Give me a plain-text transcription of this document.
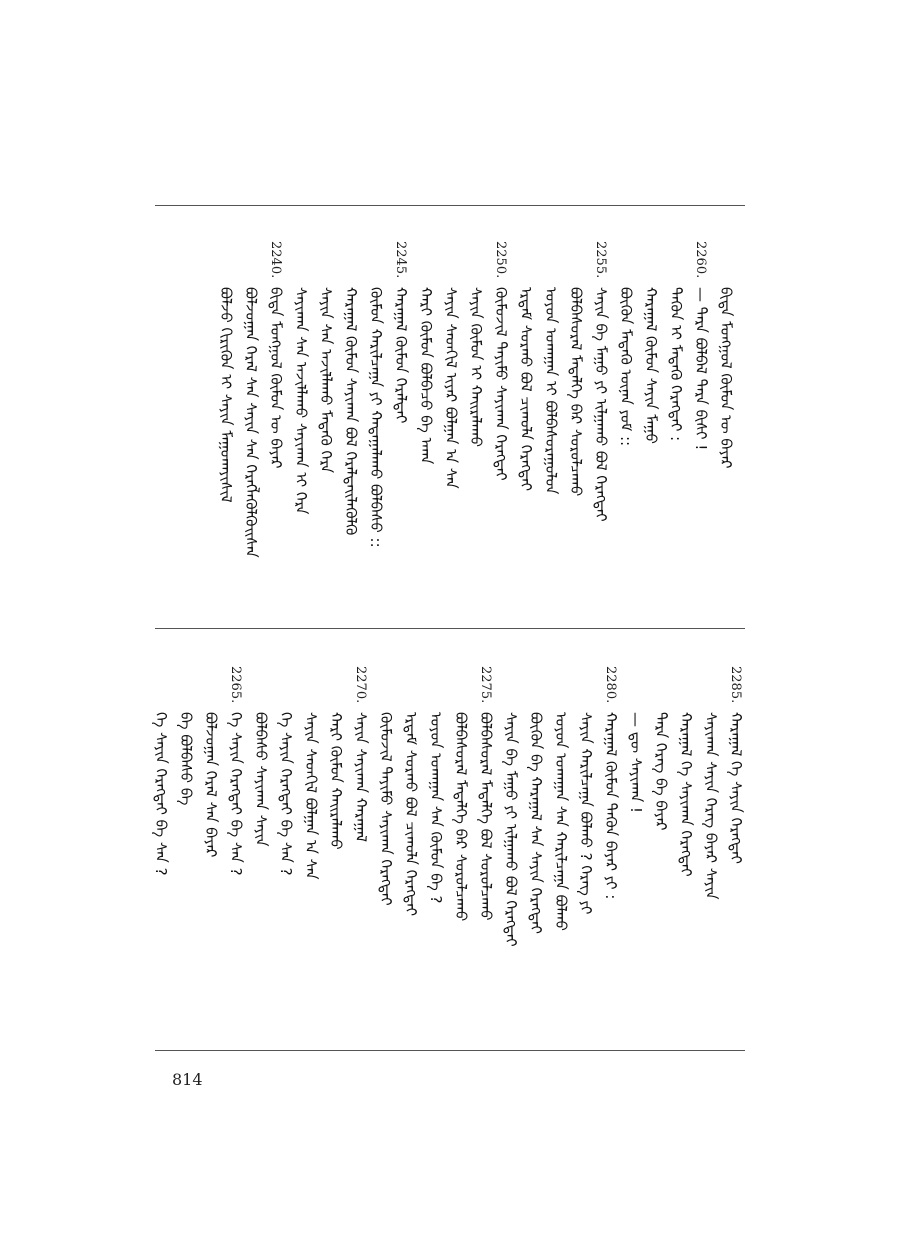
ᠪᠢᠳᠡ ᠮᠣᠩᠭᠣᠯ ᠬᠥᠮᠦᠨ ᠦ ᠪᠠᠶᠠᠷ
2260.
— ᠲᠡᠷᠡ ᠪᠣᠯᠪᠠᠯ ᠲᠡᠷᠡ ᠪᠢᠰᠢ !
ᠲᠡᠭᠦᠨ ᠢ ᠮᠡᠳᠡᠬᠦ ᠬᠡᠷᠡᠭᠲᠡᠢ :
ᠬᠠᠷᠠᠭᠠᠯ ᠬᠦᠮᠦᠨ ᠰᠠᠶᠢᠨ ᠮᠠᠭᠤ
ᠪᠦᠬᠦᠨ ᠮᠡᠳᠡᠬᠦ ᠦᠨᠡᠨ ᠶᠤᠮ ::
2255.
ᠰᠠᠶᠢᠨ ᠪᠡ ᠮᠠᠭᠤ ᠶᠢ ᠢᠯᠭᠠᠬᠤ ᠪᠣᠯ ᠬᠡᠷᠡᠭᠲᠡᠢ
ᠪᠣᠯᠪᠠᠰᠤᠷᠠᠯ ᠮᠡᠳᠡᠯᠭᠡ ᠪᠠᠷ ᠰᠤᠷᠤᠯᠴᠠᠬᠤ
ᠣᠶᠤᠨ ᠤᠬᠠᠭᠠᠨ ᠢ ᠪᠣᠯᠪᠠᠰᠤᠷᠠᠭᠤᠯᠤᠨ
ᠡᠷᠳᠡᠮ ᠰᠤᠷᠬᠤ ᠪᠣᠯ ᠴᠢᠬᠤᠯᠠ ᠬᠡᠷᠡᠭᠲᠡᠢ
2250.
ᠬᠦᠮᠦᠵᠢᠯ ᠲᠡᠶᠢᠮᠦ ᠰᠠᠶᠢᠬᠠᠨ ᠬᠡᠷᠡᠭᠲᠡᠢ
ᠰᠠᠶᠢᠨ ᠬᠦᠮᠦᠨ ᠢ ᠬᠠᠢᠷᠠᠯᠠᠬᠤ
ᠰᠠᠶᠢᠨ ᠰᠡᠳᠬᠢᠯ ᠢᠶᠡᠷ ᠪᠣᠯᠭᠠᠨ ᠠ ᠰᠠᠨ
ᠬᠠᠷᠢ ᠬᠦᠮᠦᠨ ᠪᠣᠯᠪᠠᠴᠤ ᠪᠡ ᠠᠬᠠ
2245.
ᠬᠠᠷᠠᠭᠠᠯ ᠬᠦᠮᠦᠨ ᠭᠡᠷᠡᠯᠲᠡᠢ
ᠬᠦᠮᠦᠨ ᠬᠠᠷᠢᠯᠴᠠᠭᠠ ᠶᠢ ᠬᠠᠳᠠᠭᠠᠯᠠᠬᠤ ᠪᠣᠯᠪᠠᠰᠤ ::
ᠬᠠᠷᠠᠭᠠᠯ ᠬᠦᠮᠦᠨ ᠰᠠᠶᠢᠬᠠᠨ ᠪᠣᠯ ᠭᠡᠷᠡᠯᠲᠡᠢᠯᠡᠭᠦᠯᠬᠦ
ᠰᠠᠶᠢᠨ ᠰᠠᠨ ᠠᠵᠢᠯᠯᠠᠬᠤ ᠮᠡᠳᠡᠬᠦ ᠬᠡᠷᠡ
ᠰᠠᠶᠢᠬᠠᠨ ᠰᠠᠨ ᠠᠵᠢᠯᠯᠠᠬᠤ ᠰᠠᠶᠢᠬᠠᠨ ᠢ ᠬᠡᠷᠡ
2240.
ᠪᠢᠳᠡ ᠮᠣᠩᠭᠣᠯ ᠬᠥᠮᠦᠨ ᠦ ᠪᠠᠶᠠᠷ
ᠪᠣᠯᠵᠤᠭᠠᠨ ᠭᠡᠷᠡᠯ ᠰᠠᠨ ᠰᠠᠶᠢᠨ ᠰᠠᠨ ᠬᠡᠷᠡᠭᠯᠡᠭᠦᠯᠬᠦᠢᠰᠡᠨ
ᠪᠣᠯᠵᠤ ᠬᠢᠷᠢᠭᠦᠨ ᠢ ᠰᠠᠶᠢᠨ ᠮᠠᠭᠤᠬᠠᠶᠢᠰᠢᠯ
2285.
ᠬᠠᠷᠠᠭᠠᠯ ᠬᠡ ᠰᠠᠶᠢᠨ ᠬᠡᠷᠡᠭᠲᠡᠢ
ᠰᠠᠶᠢᠬᠠᠨ ᠰᠠᠶᠢᠨ ᠬᠡᠷᠡᠭ ᠪᠠᠶᠠᠷ ᠰᠠᠶᠢᠨ
ᠬᠠᠷᠠᠭᠠᠯ ᠬᠡ ᠰᠠᠶᠢᠬᠠᠨ ᠬᠡᠷᠡᠭᠲᠡᠢ
ᠲᠡᠷᠡ ᠬᠡᠷᠡᠭ ᠪᠡ ᠪᠠᠶᠠᠷ
— ᠳᠦ ᠰᠠᠶᠢᠬᠠᠨ !
2280.
ᠬᠠᠷᠠᠭᠠᠯ ᠬᠦᠮᠦᠨ ᠲᠡᠭᠦᠨ ᠪᠠᠶᠠᠷ ᠶᠢ :
ᠰᠠᠶᠢᠨ ᠬᠠᠷᠢᠯᠴᠠᠭᠠ ᠪᠣᠯᠬᠤ ? ᠭᠡᠷᠡᠭ ᠶᠢ
ᠣᠶᠤᠨ ᠤᠬᠠᠭᠠᠨ ᠰᠠᠨ ᠬᠠᠷᠢᠯᠴᠠᠭᠠ ᠪᠣᠯᠬᠤ
ᠪᠦᠬᠦᠨ ᠪᠡ ᠬᠠᠷᠠᠭᠠᠯ ᠰᠠᠨ ᠰᠠᠶᠢᠨ ᠬᠡᠷᠡᠭᠲᠡᠢ
ᠰᠠᠶᠢᠨ ᠪᠡ ᠮᠠᠭᠤ ᠶᠢ ᠢᠯᠭᠠᠬᠤ ᠪᠣᠯ ᠬᠡᠷᠡᠭᠲᠡᠢ
2275.
ᠪᠣᠯᠪᠠᠰᠤᠷᠠᠯ ᠮᠡᠳᠡᠯᠭᠡ ᠪᠣᠯ ᠰᠤᠷᠤᠯᠴᠠᠬᠤ
ᠪᠣᠯᠪᠠᠰᠤᠷᠠᠯ ᠮᠡᠳᠡᠯᠭᠡ ᠪᠠᠷ ᠰᠤᠷᠤᠯᠴᠠᠬᠤ
ᠣᠶᠤᠨ ᠤᠬᠠᠭᠠᠨ ᠰᠠᠨ ᠬᠦᠮᠦᠨ ᠪᠡ ?
ᠡᠷᠳᠡᠮ ᠰᠤᠷᠬᠤ ᠪᠣᠯ ᠴᠢᠬᠤᠯᠠ ᠬᠡᠷᠡᠭᠲᠡᠢ
ᠬᠦᠮᠦᠵᠢᠯ ᠲᠡᠶᠢᠮᠦ ᠰᠠᠶᠢᠬᠠᠨ ᠬᠡᠷᠡᠭᠲᠡᠢ
2270.
ᠰᠠᠶᠢᠨ ᠰᠠᠶᠢᠬᠠᠨ ᠬᠠᠷᠠᠭᠠᠯ
ᠬᠠᠷᠢ ᠬᠦᠮᠦᠨ ᠬᠠᠢᠷᠠᠯᠠᠬᠤ
ᠰᠠᠶᠢᠨ ᠰᠡᠳᠬᠢᠯ ᠪᠣᠯᠭᠠᠨ ᠠ ᠰᠠᠨ
ᠬᠡ ᠰᠠᠶᠢᠨ ᠬᠡᠷᠡᠭᠲᠡᠢ ᠪᠡ ᠰᠠᠨ ?
ᠪᠣᠯᠪᠠᠰᠤ ᠰᠠᠶᠢᠬᠠᠨ ᠰᠠᠶᠢᠨ
2265.
ᠬᠡ ᠰᠠᠶᠢᠨ ᠬᠡᠷᠡᠭᠲᠡᠢ ᠪᠡ ᠰᠠᠨ ?
ᠪᠣᠯᠵᠤᠭᠠᠨ ᠭᠡᠷᠡᠯ ᠰᠠᠨ ᠪᠠᠶᠠᠷ
ᠪᠡ ᠪᠣᠯᠪᠠᠰᠤ ᠪᠡ
ᠬᠡ ᠰᠠᠶᠢᠨ ᠬᠡᠷᠡᠭᠲᠡᠢ ᠪᠡ ᠰᠠᠨ ?
814
